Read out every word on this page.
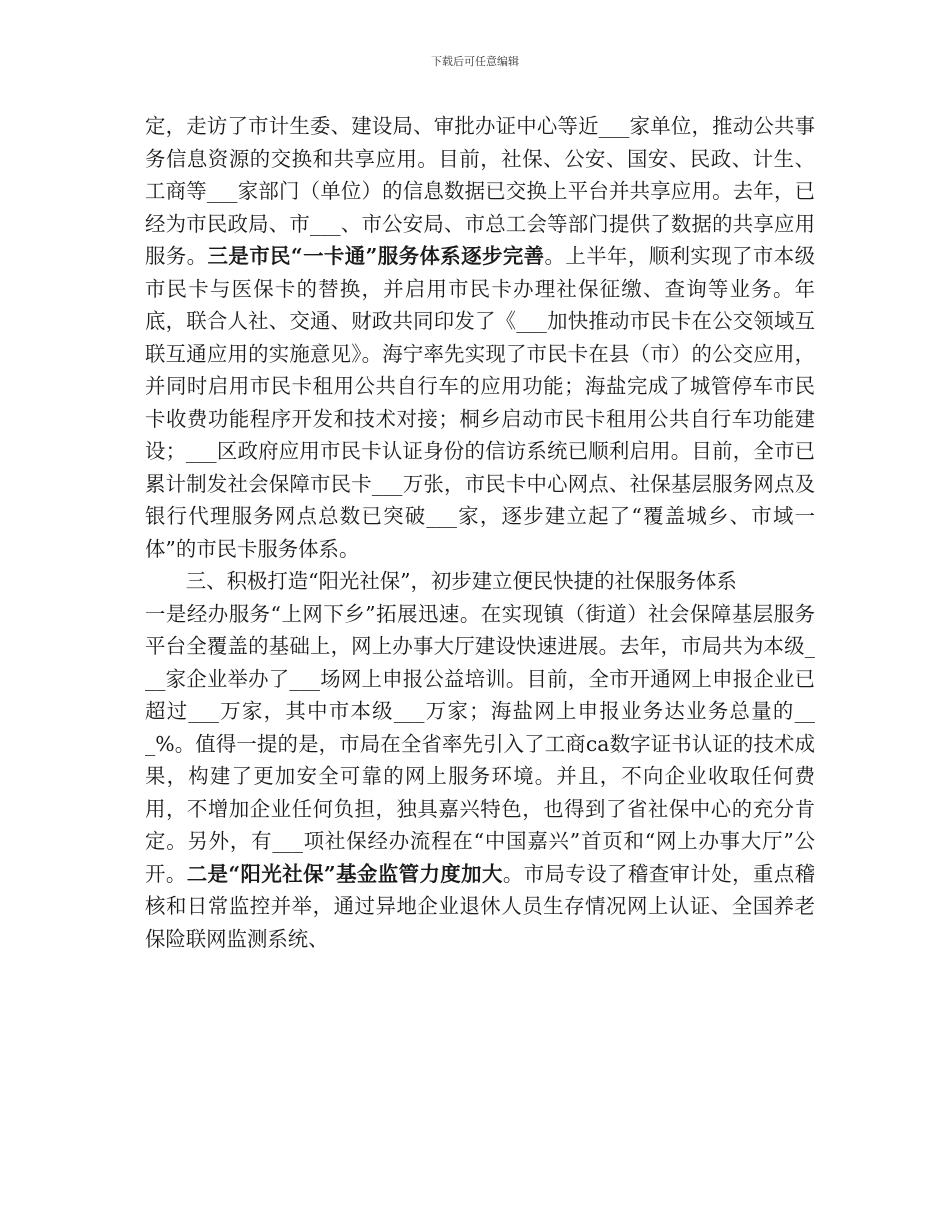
下载后可任意编辑

定，走访了市计生委、建设局、审批办证中心等近___家单位，推动公共事务信息资源的交换和共享应用。目前，社保、公安、国安、民政、计生、工商等___家部门（单位）的信息数据已交换上平台并共享应用。去年，已经为市民政局、市___、市公安局、市总工会等部门提供了数据的共享应用服务。三是市民“一卡通”服务体系逐步完善。上半年，顺利实现了市本级市民卡与医保卡的替换，并启用市民卡办理社保征缴、查询等业务。年底，联合人社、交通、财政共同印发了《___加快推动市民卡在公交领域互联互通应用的实施意见》。海宁率先实现了市民卡在县（市）的公交应用，并同时启用市民卡租用公共自行车的应用功能；海盐完成了城管停车市民卡收费功能程序开发和技术对接；桐乡启动市民卡租用公共自行车功能建设；___区政府应用市民卡认证身份的信访系统已顺利启用。目前，全市已累计制发社会保障市民卡___万张，市民卡中心网点、社保基层服务网点及银行代理服务网点总数已突破___家，逐步建立起了“覆盖城乡、市域一体”的市民卡服务体系。

三、积极打造“阳光社保”，初步建立便民快捷的社保服务体系

一是经办服务“上网下乡”拓展迅速。在实现镇（街道）社会保障基层服务平台全覆盖的基础上，网上办事大厅建设快速进展。去年，市局共为本级___家企业举办了___场网上申报公益培训。目前，全市开通网上申报企业已超过___万家，其中市本级___万家；海盐网上申报业务达业务总量的___%。值得一提的是，市局在全省率先引入了工商ca数字证书认证的技术成果，构建了更加安全可靠的网上服务环境。并且，不向企业收取任何费用，不增加企业任何负担，独具嘉兴特色，也得到了省社保中心的充分肯定。另外，有___项社保经办流程在“中国嘉兴”首页和“网上办事大厅”公开。二是“阳光社保”基金监管力度加大。市局专设了稽查审计处，重点稽核和日常监控并举，通过异地企业退休人员生存情况网上认证、全国养老保险联网监测系统、
